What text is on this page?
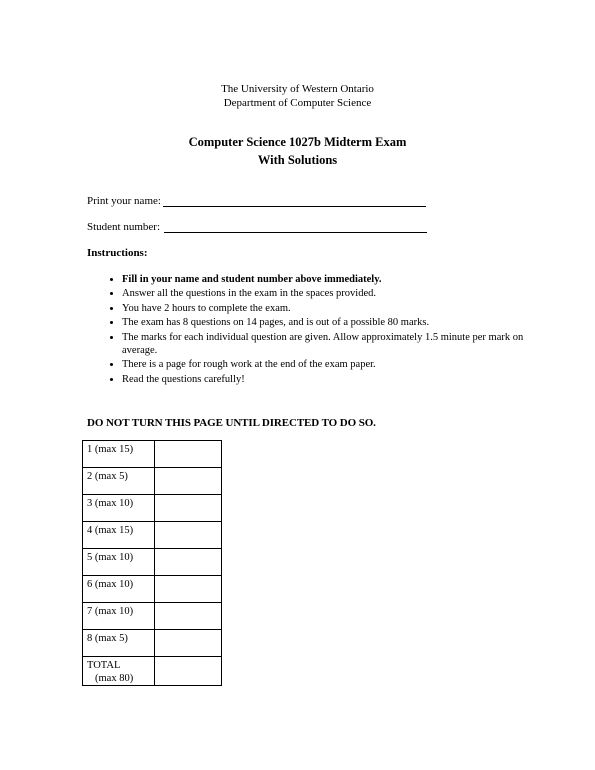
The University of Western Ontario
Department of Computer Science
Computer Science 1027b Midterm Exam
With Solutions
Print your name:
Student number:
Instructions:
• Fill in your name and student number above immediately.
• Answer all the questions in the exam in the spaces provided.
• You have 2 hours to complete the exam.
• The exam has 8 questions on 14 pages, and is out of a possible 80 marks.
• The marks for each individual question are given. Allow approximately 1.5 minute per mark on average.
• There is a page for rough work at the end of the exam paper.
• Read the questions carefully!
DO NOT TURN THIS PAGE UNTIL DIRECTED TO DO SO.
1 (max 15)	
2 (max 5)	
3 (max 10)	
4 (max 15)	
5 (max 10)	
6 (max 10)	
7 (max 10)	
8 (max 5)	

TOTAL
(max 80)	
